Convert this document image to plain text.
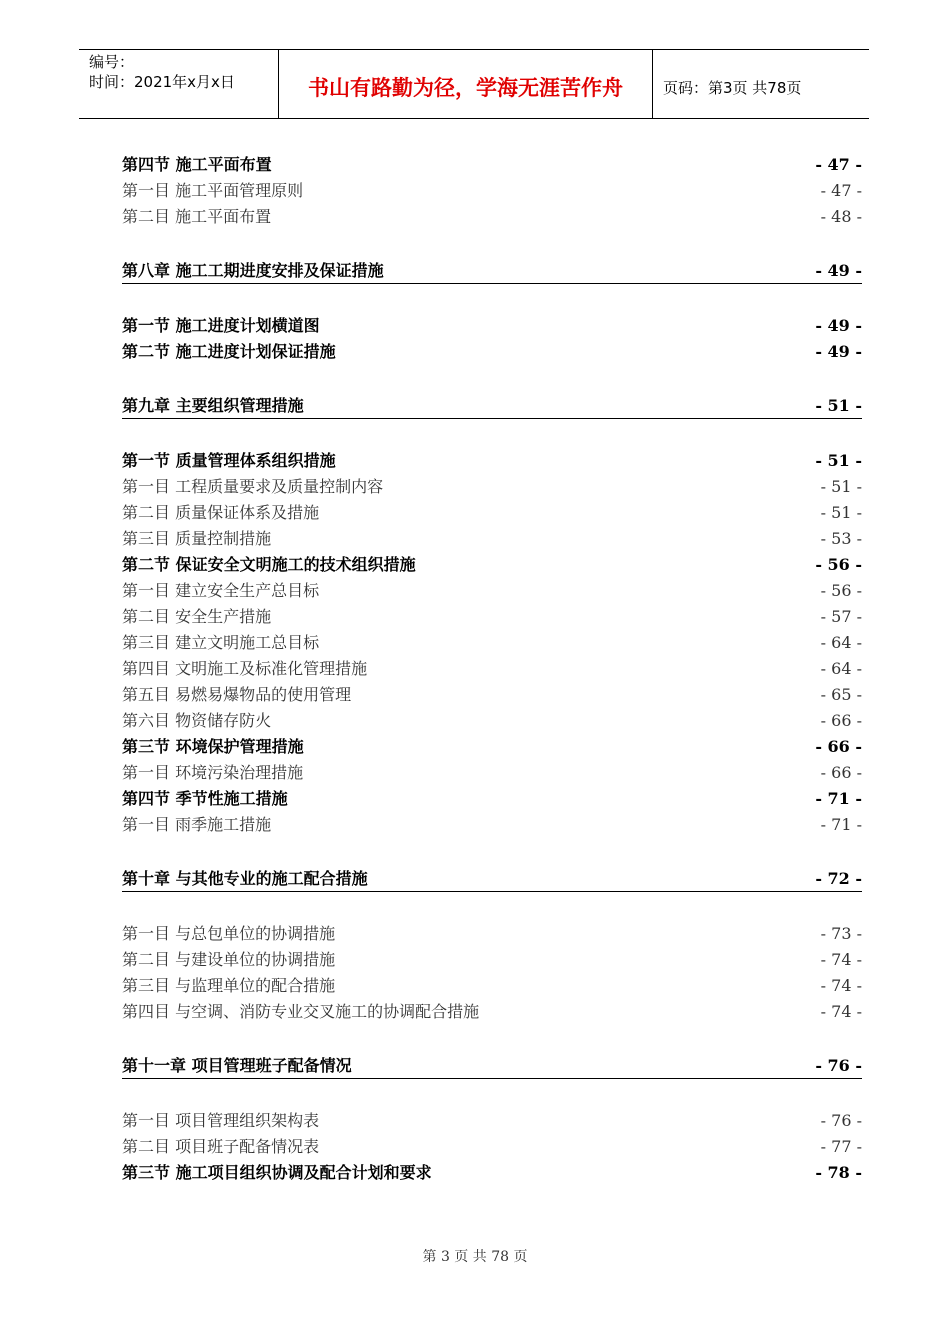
编号：
时间：2021年x月x日	书山有路勤为径，学海无涯苦作舟	页码：第3页 共78页
第四节 施工平面布置	- 47 -
第一目 施工平面管理原则	- 47 -
第二目 施工平面布置	- 48 -
第八章 施工工期进度安排及保证措施	- 49 -
第一节 施工进度计划横道图	- 49 -
第二节 施工进度计划保证措施	- 49 -
第九章 主要组织管理措施	- 51 -
第一节 质量管理体系组织措施	- 51 -
第一目 工程质量要求及质量控制内容	- 51 -
第二目 质量保证体系及措施	- 51 -
第三目 质量控制措施	- 53 -
第二节 保证安全文明施工的技术组织措施	- 56 -
第一目 建立安全生产总目标	- 56 -
第二目 安全生产措施	- 57 -
第三目 建立文明施工总目标	- 64 -
第四目 文明施工及标准化管理措施	- 64 -
第五目 易燃易爆物品的使用管理	- 65 -
第六目 物资储存防火	- 66 -
第三节 环境保护管理措施	- 66 -
第一目 环境污染治理措施	- 66 -
第四节 季节性施工措施	- 71 -
第一目 雨季施工措施	- 71 -
第十章 与其他专业的施工配合措施	- 72 -
第一目 与总包单位的协调措施	- 73 -
第二目 与建设单位的协调措施	- 74 -
第三目 与监理单位的配合措施	- 74 -
第四目 与空调、消防专业交叉施工的协调配合措施	- 74 -
第十一章 项目管理班子配备情况	- 76 -
第一目 项目管理组织架构表	- 76 -
第二目 项目班子配备情况表	- 77 -
第三节 施工项目组织协调及配合计划和要求	- 78 -
第 3 页 共 78 页
